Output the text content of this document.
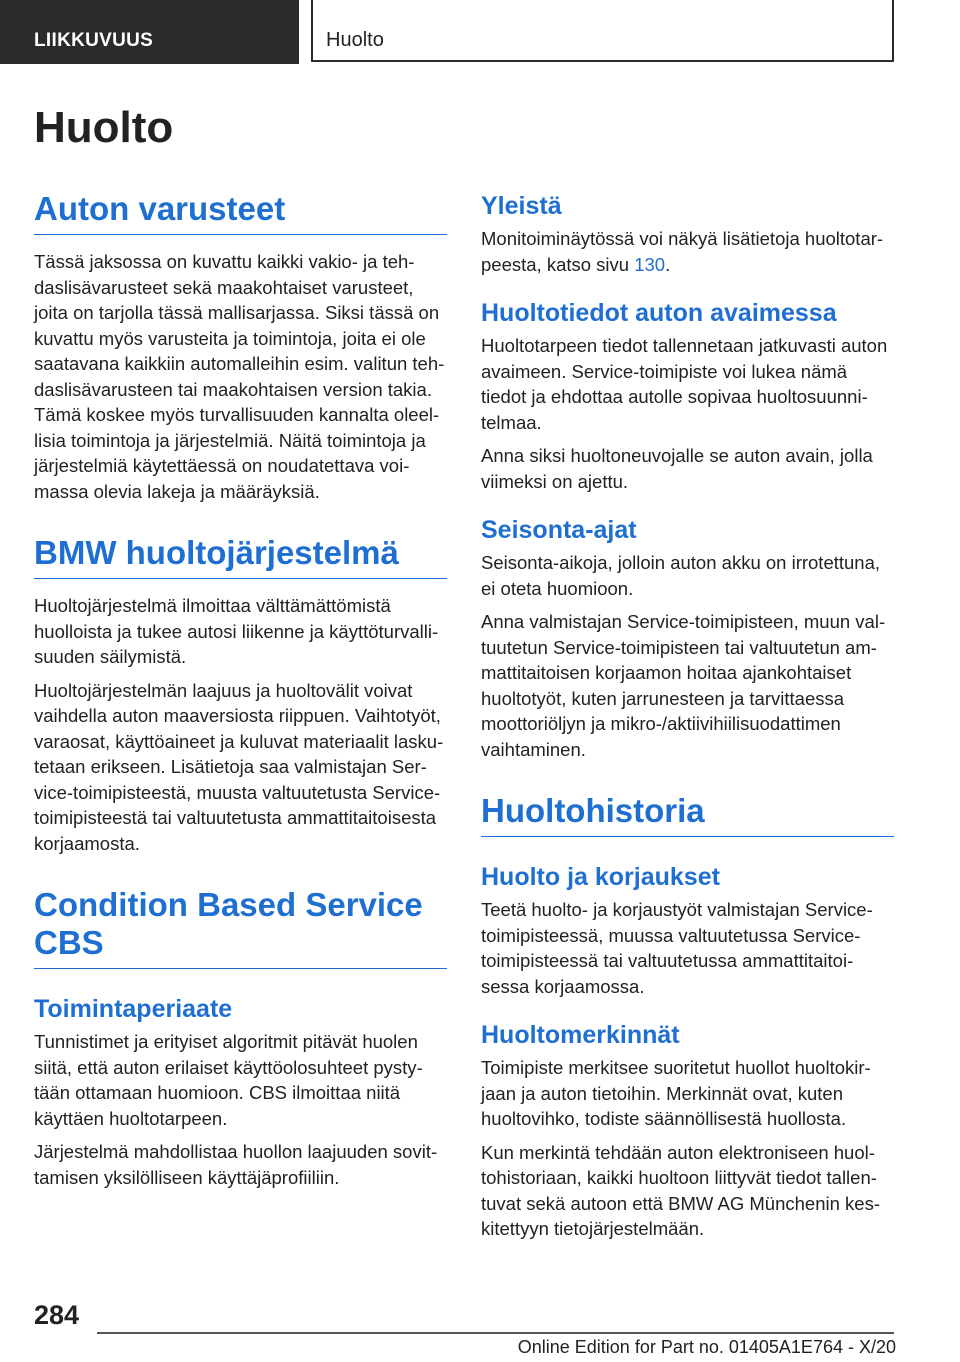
LIIKKUVUUS	Huolto
Huolto
Auton varusteet

Tässä jaksossa on kuvattu kaikki vakio- ja tehdaslisävarusteet sekä maakohtaiset varusteet, joita on tarjolla tässä mallisarjassa. Siksi tässä on kuvattu myös varusteita ja toimintoja, joita ei ole saatavana kaikkiin automalleihin esim. valitun tehdaslisävarusteen tai maakohtaisen version takia. Tämä koskee myös turvallisuuden kannalta oleellisia toimintoja ja järjestelmiä. Näitä toimintoja ja järjestelmiä käytettäessä on noudatettava voimassa olevia lakeja ja määräyksiä.

BMW huoltojärjestelmä

Huoltojärjestelmä ilmoittaa välttämättömistä huolloista ja tukee autosi liikenne ja käyttöturvallisuuden säilymistä.

Huoltojärjestelmän laajuus ja huoltovälit voivat vaihdella auton maaversiosta riippuen. Vaihtotyöt, varaosat, käyttöaineet ja kuluvat materiaalit laskutetaan erikseen. Lisätietoja saa valmistajan Service-toimipisteestä, muusta valtuutetusta Service-toimipisteestä tai valtuutetusta ammattitaitoisesta korjaamosta.

Condition Based Service CBS
Toimintaperiaate

Tunnistimet ja erityiset algoritmit pitävät huolen siitä, että auton erilaiset käyttöolosuhteet pystytään ottamaan huomioon. CBS ilmoittaa niitä käyttäen huoltotarpeen.

Järjestelmä mahdollistaa huollon laajuuden sovittamisen yksilölliseen käyttäjäprofiiliin.

Yleistä

Monitoiminäytössä voi näkyä lisätietoja huoltotarpeesta, katso sivu 130.

Huoltotiedot auton avaimessa

Huoltotarpeen tiedot tallennetaan jatkuvasti auton avaimeen. Service-toimipiste voi lukea nämä tiedot ja ehdottaa autolle sopivaa huoltosuunnitelmaa.

Anna siksi huoltoneuvojalle se auton avain, jolla viimeksi on ajettu.

Seisonta-ajat

Seisonta-aikoja, jolloin auton akku on irrotettuna, ei oteta huomioon.

Anna valmistajan Service-toimipisteen, muun valtuutetun Service-toimipisteen tai valtuutetun ammattitaitoisen korjaamon hoitaa ajankohtaiset huoltotyöt, kuten jarrunesteen ja tarvittaessa moottoriöljyn ja mikro-/aktiivihiilisuodattimen vaihtaminen.

Huoltohistoria
Huolto ja korjaukset

Teetä huolto- ja korjaustyöt valmistajan Service-toimipisteessä, muussa valtuutetussa Service-toimipisteessä tai valtuutetussa ammattitaitoisessa korjaamossa.

Huoltomerkinnät

Toimipiste merkitsee suoritetut huollot huoltokirjaan ja auton tietoihin. Merkinnät ovat, kuten huoltovihko, todiste säännöllisestä huollosta.

Kun merkintä tehdään auton elektroniseen huoltohistoriaan, kaikki huoltoon liittyvät tiedot tallentuvat sekä autoon että BMW AG Münchenin keskitettyyn tietojärjestelmään.

284
Online Edition for Part no. 01405A1E764 - X/20
